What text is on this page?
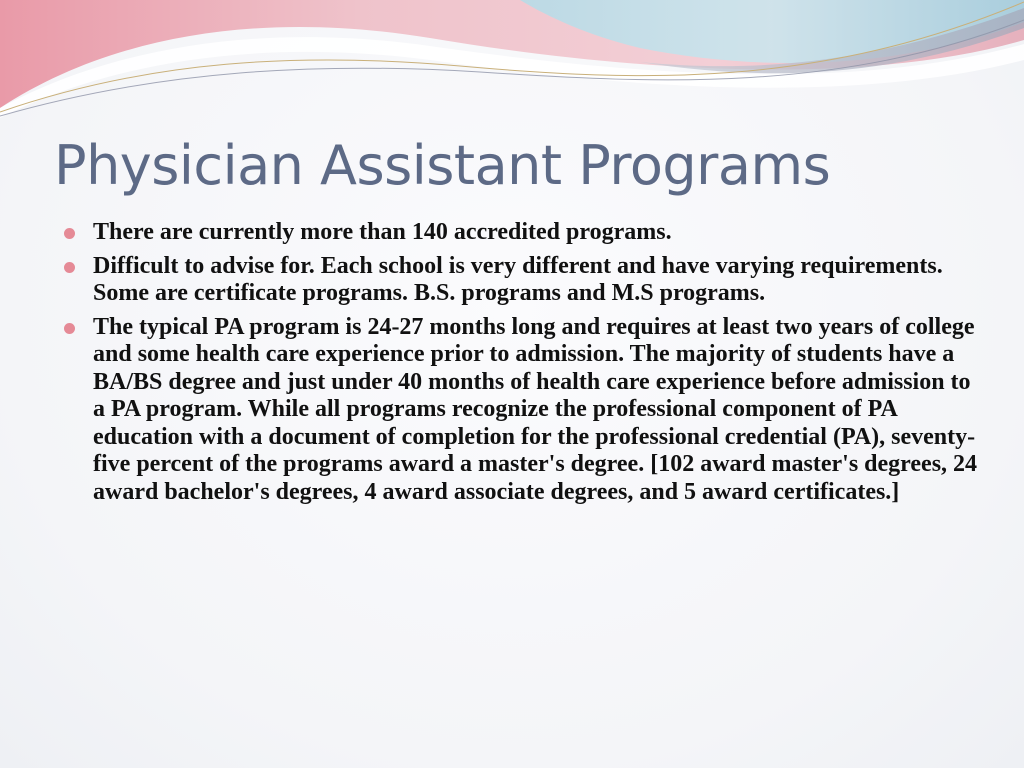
Physician Assistant Programs
There are currently more than 140 accredited programs.
Difficult to advise for. Each school is very different and have varying requirements. Some are certificate programs. B.S. programs and M.S programs.
The typical PA program is 24-27 months long and requires at least two years of college and some health care experience prior to admission. The majority of students have a BA/BS degree and just under 40 months of health care experience before admission to a PA program. While all programs recognize the professional component of PA education with a document of completion for the professional credential (PA), seventy-five percent of the programs award a master's degree. [102 award master's degrees, 24 award bachelor's degrees, 4 award associate degrees, and 5 award certificates.]
